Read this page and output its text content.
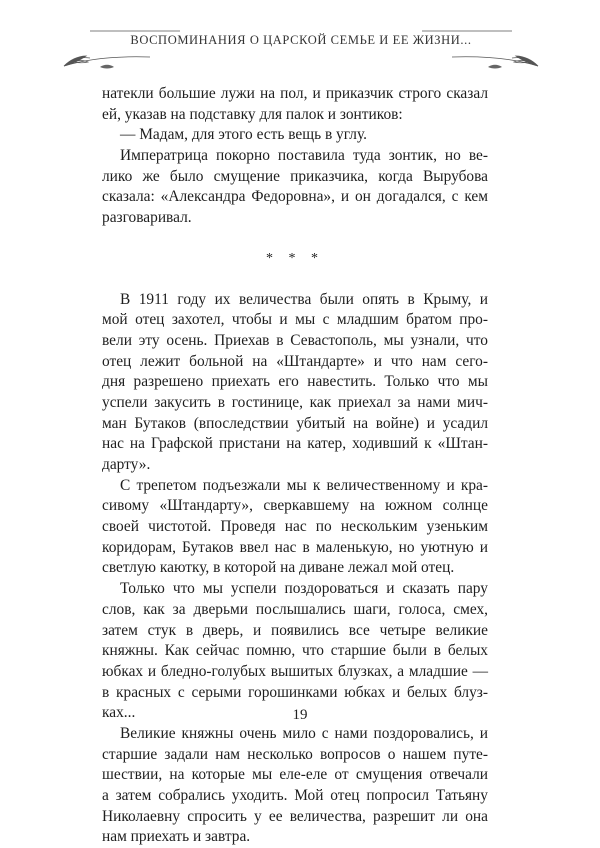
ВОСПОМИНАНИЯ О ЦАРСКОЙ СЕМЬЕ И ЕЕ ЖИЗНИ...
натекли большие лужи на пол, и приказчик строго сказал
ей, указав на подставку для палок и зонтиков:
— Мадам, для этого есть вещь в углу.
Императрица покорно поставила туда зонтик, но ве-
лико же было смущение приказчика, когда Вырубова
сказала: «Александра Федоровна», и он догадался, с кем
разговаривал.
* * *
В 1911 году их величества были опять в Крыму, и
мой отец захотел, чтобы и мы с младшим братом про-
вели эту осень. Приехав в Севастополь, мы узнали, что
отец лежит больной на «Штандарте» и что нам сего-
дня разрешено приехать его навестить. Только что мы
успели закусить в гостинице, как приехал за нами мич-
ман Бутаков (впоследствии убитый на войне) и усадил
нас на Графской пристани на катер, ходивший к «Штан-
дарту».
С трепетом подъезжали мы к величественному и кра-
сивому «Штандарту», сверкавшему на южном солнце
своей чистотой. Проведя нас по нескольким узеньким
коридорам, Бутаков ввел нас в маленькую, но уютную и
светлую каютку, в которой на диване лежал мой отец.
Только что мы успели поздороваться и сказать пару
слов, как за дверьми послышались шаги, голоса, смех,
затем стук в дверь, и появились все четыре великие
княжны. Как сейчас помню, что старшие были в белых
юбках и бледно-голубых вышитых блузках, а младшие —
в красных с серыми горошинками юбках и белых блуз-
ках...
Великие княжны очень мило с нами поздоровались, и
старшие задали нам несколько вопросов о нашем путе-
шествии, на которые мы еле-еле от смущения отвечали
а затем собрались уходить. Мой отец попросил Татьяну
Николаевну спросить у ее величества, разрешит ли она
нам приехать и завтра.
19
